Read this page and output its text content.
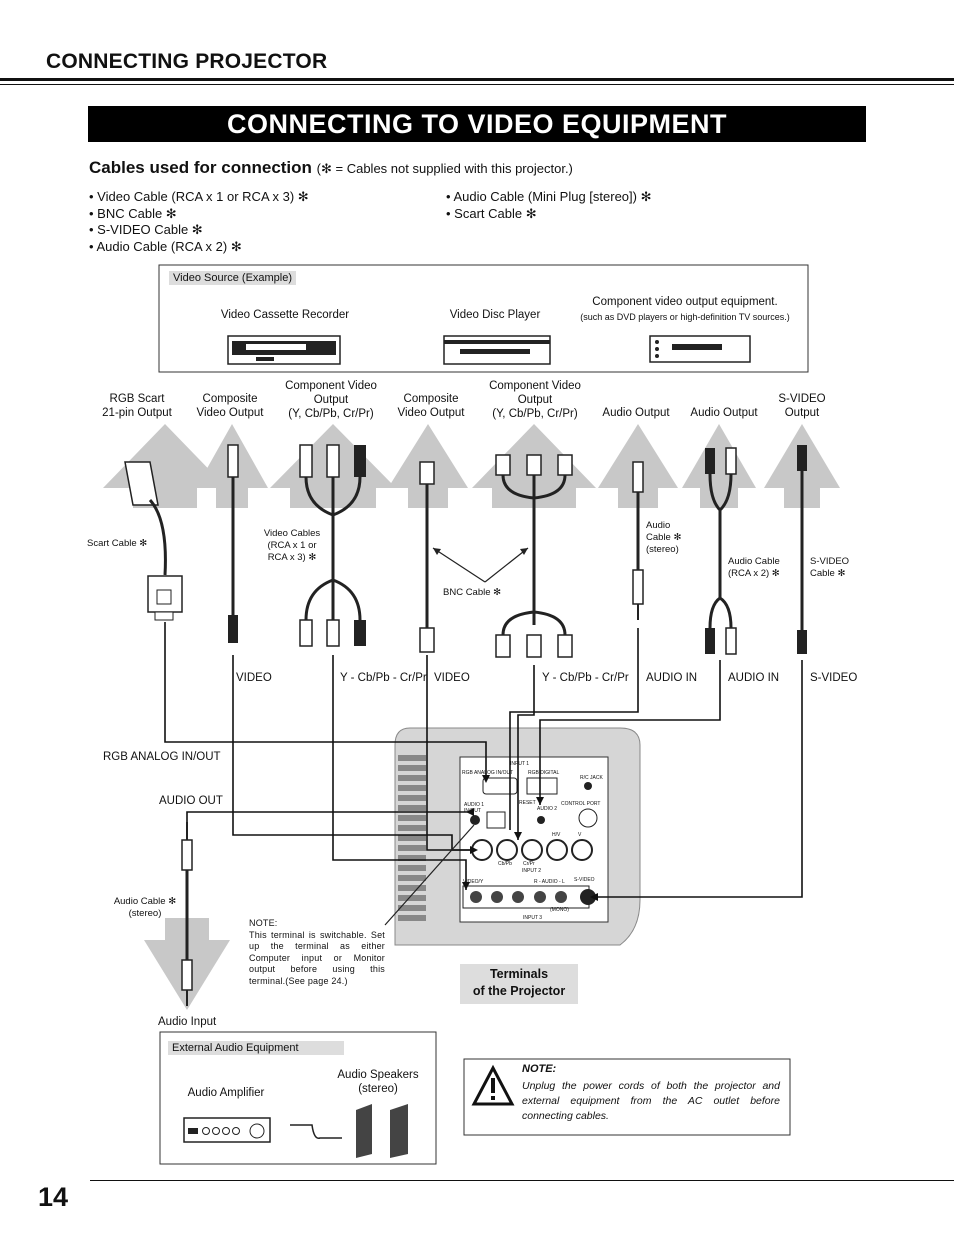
CONNECTING PROJECTOR
CONNECTING TO VIDEO EQUIPMENT
Cables used for connection (✻ = Cables not supplied with this projector.)
• Video Cable (RCA x 1 or RCA x 3) ✻
• BNC Cable ✻
• S-VIDEO Cable ✻
• Audio Cable (RCA x 2) ✻
• Audio Cable (Mini Plug [stereo]) ✻
• Scart Cable ✻
Video Source (Example)
Video Cassette Recorder	Video Disc Player
Component video output equipment.
(such as DVD players or high-definition TV sources.)
RGB Scart
21-pin Output
Composite
Video Output
Component Video
Output
(Y, Cb/Pb, Cr/Pr)
Composite
Video Output
Component Video
Output
(Y, Cb/Pb, Cr/Pr)	Audio Output	Audio Output
S-VIDEO
Output
Scart Cable ✻
Video Cables
(RCA x 1 or
RCA x 3) ✻
BNC Cable ✻
Audio
Cable ✻
(stereo)
Audio Cable
(RCA x 2) ✻
S-VIDEO
Cable ✻
Audio Cable ✻
(stereo)
VIDEO	Y - Cb/Pb - Cr/Pr VIDEO	Y - Cb/Pb - Cr/Pr AUDIO IN	AUDIO IN	S-VIDEO
RGB ANALOG IN/OUT
AUDIO OUT
Audio Input
RGB ANALOG IN/OUT	RGB DIGITAL
INPUT 1
R/C JACK
AUDIO 1 IN/OUT
RESET
AUDIO 2
CONTROL PORT
H/V	V
Cb/Pb Cr/Pr
INPUT 2
VIDEO/Y	R - AUDIO - L S-VIDEO
(MONO)
INPUT 3
NOTE:
This terminal is switchable. Set up the terminal as either Computer input or Monitor output before using this terminal.(See page 24.)	Terminals
of the Projector
External Audio Equipment
Audio Amplifier
Audio Speakers
(stereo)
NOTE:
Unplug the power cords of both the projector and external equipment from the AC outlet before connecting cables.
14
